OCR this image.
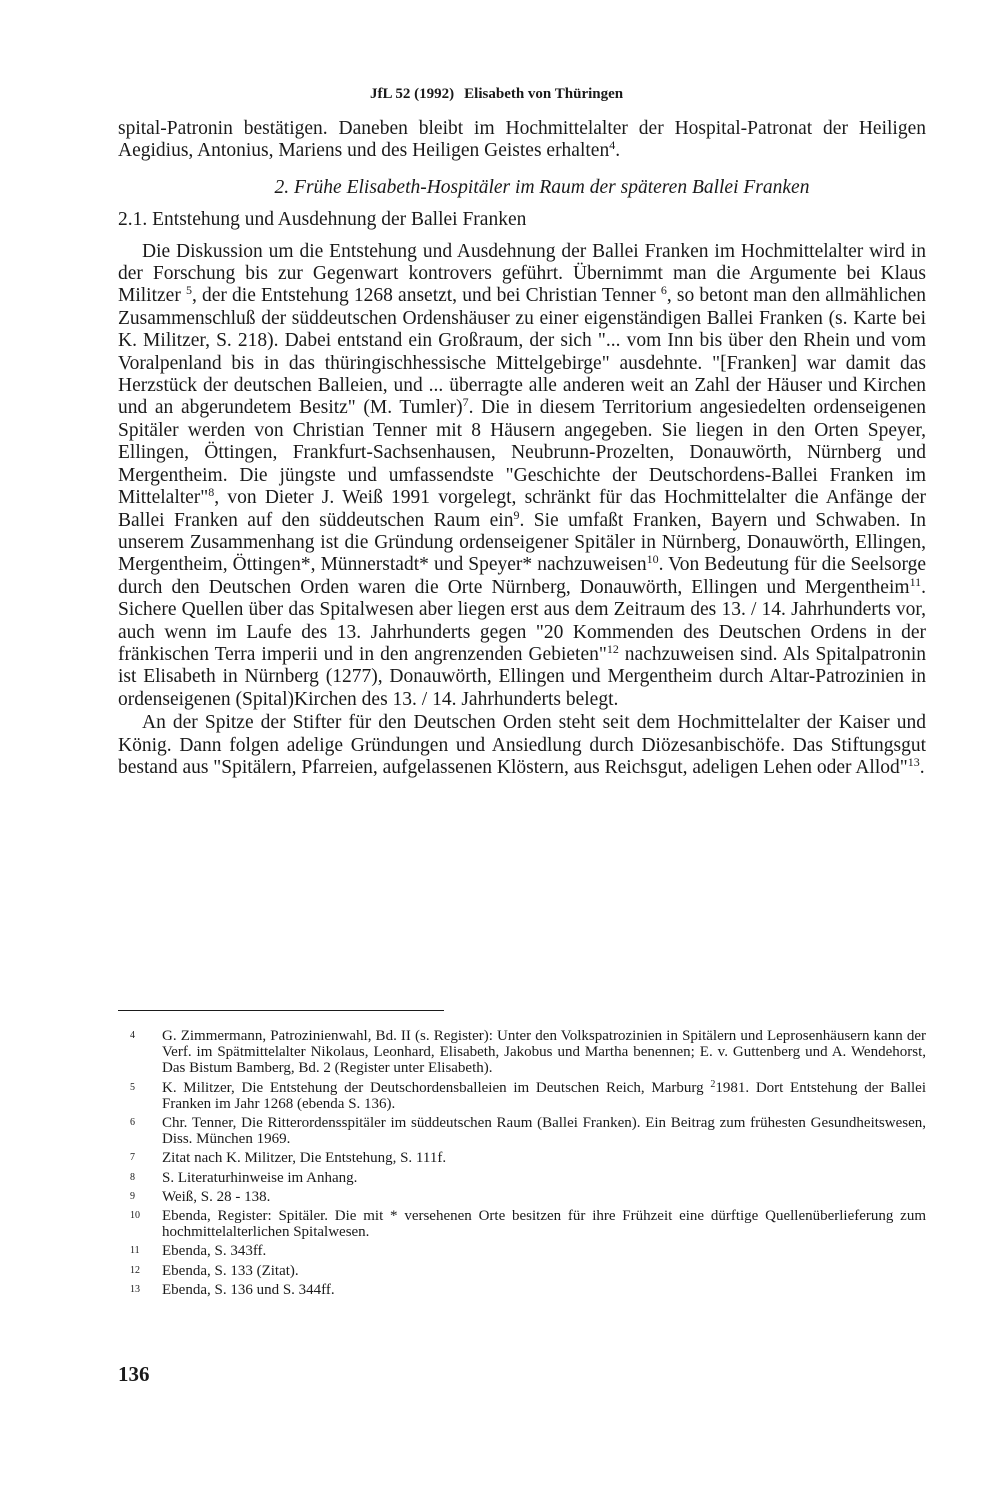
JfL 52 (1992) Elisabeth von Thüringen

spital-Patronin bestätigen. Daneben bleibt im Hochmittelalter der Hospital-Patronat der Heiligen Aegidius, Antonius, Mariens und des Heiligen Geistes erhalten$^4$.

2. Frühe Elisabeth-Hospitäler im Raum der späteren Ballei Franken

2.1. Entstehung und Ausdehnung der Ballei Franken

Die Diskussion um die Entstehung und Ausdehnung der Ballei Franken im Hochmittelalter wird in der Forschung bis zur Gegenwart kontrovers geführt. Übernimmt man die Argumente bei Klaus Militzer $^5$, der die Entstehung 1268 ansetzt, und bei Christian Tenner $^6$, so betont man den allmählichen Zusammenschluß der süddeutschen Ordenshäuser zu einer eigenständigen Ballei Franken (s. Karte bei K. Militzer, S. 218). Dabei entstand ein Großraum, der sich "... vom Inn bis über den Rhein und vom Voralpenland bis in das thüringischhessische Mittelgebirge" ausdehnte. "[Franken] war damit das Herzstück der deutschen Balleien, und ... überragte alle anderen weit an Zahl der Häuser und Kirchen und an abgerundetem Besitz" (M. Tumler)$^7$. Die in diesem Territorium angesiedelten ordenseigenen Spitäler werden von Christian Tenner mit 8 Häusern angegeben. Sie liegen in den Orten Speyer, Ellingen, Öttingen, Frankfurt-Sachsenhausen, Neubrunn-Prozelten, Donauwörth, Nürnberg und Mergentheim. Die jüngste und umfassendste "Geschichte der Deutschordens-Ballei Franken im Mittelalter"$^8$, von Dieter J. Weiß 1991 vorgelegt, schränkt für das Hochmittelalter die Anfänge der Ballei Franken auf den süddeutschen Raum ein$^9$. Sie umfaßt Franken, Bayern und Schwaben. In unserem Zusammenhang ist die Gründung ordenseigener Spitäler in Nürnberg, Donauwörth, Ellingen, Mergentheim, Öttingen*, Münnerstadt* und Speyer* nachzuweisen$^{10}$. Von Bedeutung für die Seelsorge durch den Deutschen Orden waren die Orte Nürnberg, Donauwörth, Ellingen und Mergentheim$^{11}$. Sichere Quellen über das Spitalwesen aber liegen erst aus dem Zeitraum des 13. / 14. Jahrhunderts vor, auch wenn im Laufe des 13. Jahrhunderts gegen "20 Kommenden des Deutschen Ordens in der fränkischen Terra imperii und in den angrenzenden Gebieten"$^{12}$ nachzuweisen sind. Als Spitalpatronin ist Elisabeth in Nürnberg (1277), Donauwörth, Ellingen und Mergentheim durch Altar-Patrozinien in ordenseigenen (Spital)Kirchen des 13. / 14. Jahrhunderts belegt.

An der Spitze der Stifter für den Deutschen Orden steht seit dem Hochmittelalter der Kaiser und König. Dann folgen adelige Gründungen und Ansiedlung durch Diözesanbischöfe. Das Stiftungsgut bestand aus "Spitälern, Pfarreien, aufgelassenen Klöstern, aus Reichsgut, adeligen Lehen oder Allod"$^{13}$.

4	G. Zimmermann, Patrozinienwahl, Bd. II (s. Register): Unter den Volkspatrozinien in Spitälern und Leprosenhäusern kann der Verf. im Spätmittelalter Nikolaus, Leonhard, Elisabeth, Jakobus und Martha benennen; E. v. Guttenberg und A. Wendehorst, Das Bistum Bamberg, Bd. 2 (Register unter Elisabeth).
5	K. Militzer, Die Entstehung der Deutschordensballeien im Deutschen Reich, Marburg $^2$1981. Dort Entstehung der Ballei Franken im Jahr 1268 (ebenda S. 136).
6	Chr. Tenner, Die Ritterordensspitäler im süddeutschen Raum (Ballei Franken). Ein Beitrag zum frühesten Gesundheitswesen, Diss. München 1969.
7	Zitat nach K. Militzer, Die Entstehung, S. 111f.
8	S. Literaturhinweise im Anhang.
9	Weiß, S. 28 - 138.
10	Ebenda, Register: Spitäler. Die mit * versehenen Orte besitzen für ihre Frühzeit eine dürftige Quellenüberlieferung zum hochmittelalterlichen Spitalwesen.
11	Ebenda, S. 343ff.
12	Ebenda, S. 133 (Zitat).
13	Ebenda, S. 136 und S. 344ff.
136
